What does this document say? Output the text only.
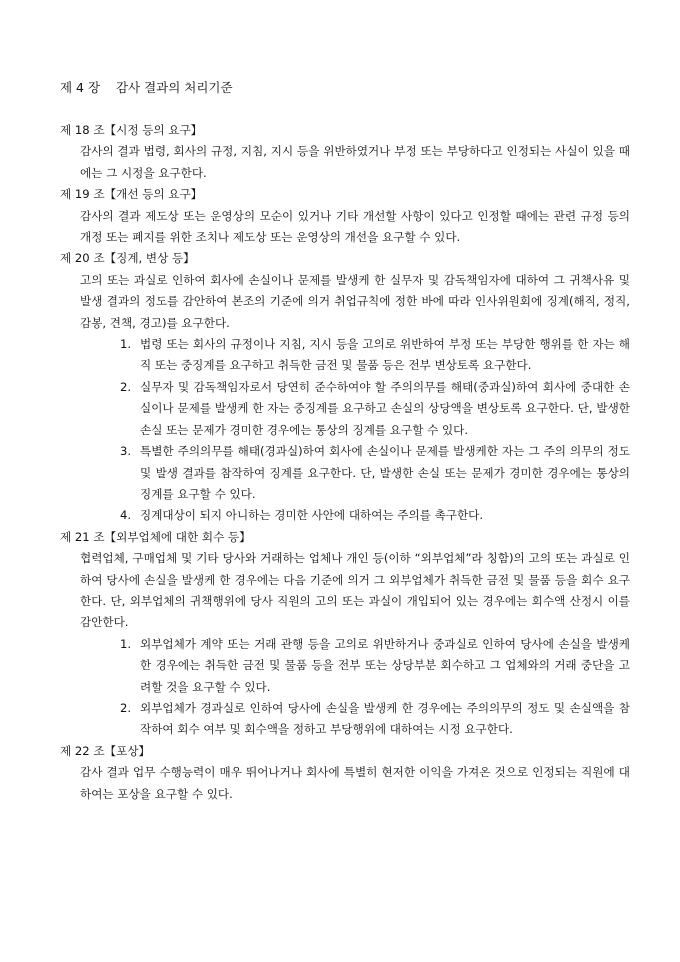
제 4 장    감사 결과의 처리기준

제 18 조【시정 등의 요구】

감사의 결과 법령, 회사의 규정, 지침, 지시 등을 위반하였거나 부정 또는 부당하다고 인정되는 사실이 있을 때에는 그 시정을 요구한다.

제 19 조【개선 등의 요구】

감사의 결과 제도상 또는 운영상의 모순이 있거나 기타 개선할 사항이 있다고 인정할 때에는 관련 규정 등의 개정 또는 폐지를 위한 조치나 제도상 또는 운영상의 개선을 요구할 수 있다.

제 20 조【징계, 변상 등】

고의 또는 과실로 인하여 회사에 손실이나 문제를 발생케 한 실무자 및 감독책임자에 대하여 그 귀책사유 및 발생 결과의 정도를 감안하여 본조의 기준에 의거 취업규칙에 정한 바에 따라 인사위원회에 징계(해직, 정직, 감봉, 견책, 경고)를 요구한다.

1. 법령 또는 회사의 규정이나 지침, 지시 등을 고의로 위반하여 부정 또는 부당한 행위를 한 자는 해직 또는 중징계를 요구하고 취득한 금전 및 물품 등은 전부 변상토록 요구한다.
2. 실무자 및 감독책임자로서 당연히 준수하여야 할 주의의무를 해태(중과실)하여 회사에 중대한 손실이나 문제를 발생케 한 자는 중징계를 요구하고 손실의 상당액을 변상토록 요구한다. 단, 발생한 손실 또는 문제가 경미한 경우에는 통상의 징계를 요구할 수 있다.
3. 특별한 주의의무를 해태(경과실)하여 회사에 손실이나 문제를 발생케한 자는 그 주의 의무의 정도 및 발생 결과를 참작하여 징계를 요구한다. 단, 발생한 손실 또는 문제가 경미한 경우에는 통상의 징계를 요구할 수 있다.
4. 징계대상이 되지 아니하는 경미한 사안에 대하여는 주의를 촉구한다.

제 21 조【외부업체에 대한 회수 등】

협력업체, 구매업체 및 기타 당사와 거래하는 업체나 개인 등(이하 “외부업체”라 칭함)의 고의 또는 과실로 인하여 당사에 손실을 발생케 한 경우에는 다음 기준에 의거 그 외부업체가 취득한 금전 및 물품 등을 회수 요구한다. 단, 외부업체의 귀책행위에 당사 직원의 고의 또는 과실이 개입되어 있는 경우에는 회수액 산정시 이를 감안한다.

1. 외부업체가 계약 또는 거래 관행 등을 고의로 위반하거나 중과실로 인하여 당사에 손실을 발생케 한 경우에는 취득한 금전 및 물품 등을 전부 또는 상당부분 회수하고 그 업체와의 거래 중단을 고려할 것을 요구할 수 있다.
2. 외부업체가 경과실로 인하여 당사에 손실을 발생케 한 경우에는 주의의무의 정도 및 손실액을 참작하여 회수 여부 및 회수액을 정하고 부당행위에 대하여는 시정 요구한다.

제 22 조【포상】

감사 결과 업무 수행능력이 매우 뛰어나거나 회사에 특별히 현저한 이익을 가져온 것으로 인정되는 직원에 대하여는 포상을 요구할 수 있다.
